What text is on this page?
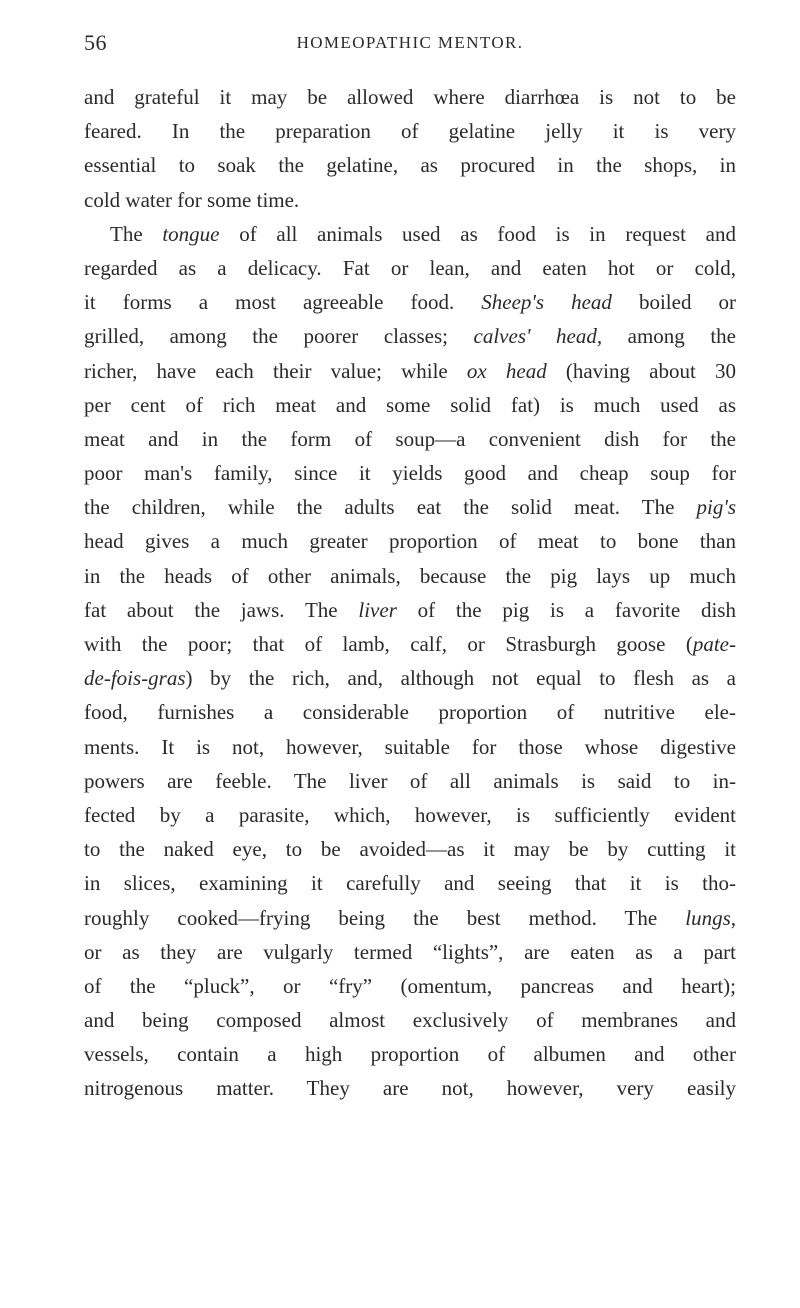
56	HOMEOPATHIC MENTOR.
and grateful it may be allowed where diarrhœa is not to be
feared. In the preparation of gelatine jelly it is very
essential to soak the gelatine, as procured in the shops, in
cold water for some time.
The tongue of all animals used as food is in request and
regarded as a delicacy. Fat or lean, and eaten hot or cold,
it forms a most agreeable food. Sheep's head boiled or
grilled, among the poorer classes; calves' head, among the
richer, have each their value; while ox head (having about 30
per cent of rich meat and some solid fat) is much used as
meat and in the form of soup—a convenient dish for the
poor man's family, since it yields good and cheap soup for
the children, while the adults eat the solid meat. The pig's
head gives a much greater proportion of meat to bone than
in the heads of other animals, because the pig lays up much
fat about the jaws. The liver of the pig is a favorite dish
with the poor; that of lamb, calf, or Strasburgh goose (pate-
de-fois-gras) by the rich, and, although not equal to flesh as a
food, furnishes a considerable proportion of nutritive ele-
ments. It is not, however, suitable for those whose digestive
powers are feeble. The liver of all animals is said to in-
fected by a parasite, which, however, is sufficiently evident
to the naked eye, to be avoided—as it may be by cutting it
in slices, examining it carefully and seeing that it is tho-
roughly cooked—frying being the best method. The lungs,
or as they are vulgarly termed “lights”, are eaten as a part
of the “pluck”, or “fry” (omentum, pancreas and heart);
and being composed almost exclusively of membranes and
vessels, contain a high proportion of albumen and other
nitrogenous matter. They are not, however, very easily
